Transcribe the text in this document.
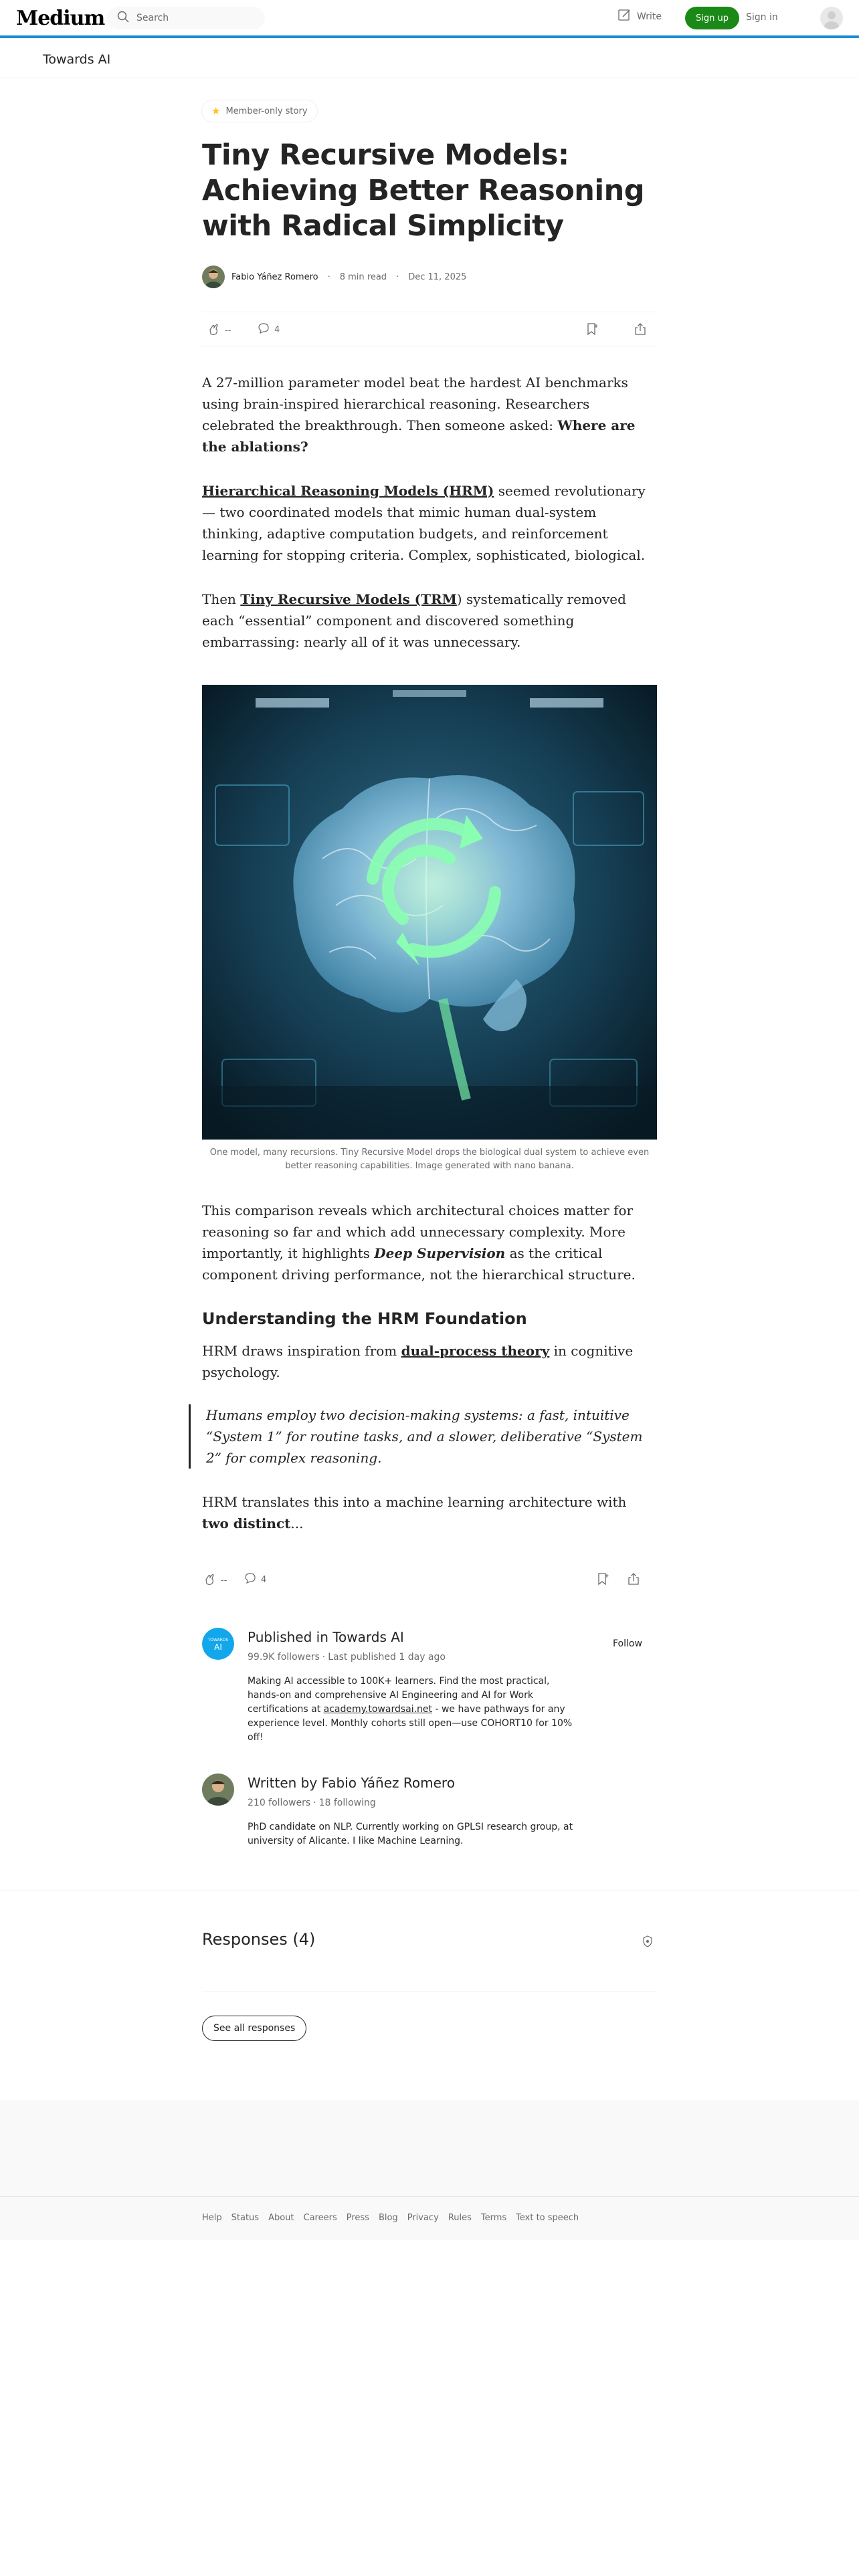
Medium
Search	Write	Sign up	Sign in
Towards AI
★ Member-only story
Tiny Recursive Models: Achieving Better Reasoning with Radical Simplicity
Fabio Yáñez Romero	·	8 min read	·	Dec 11, 2025
--	4

A 27-million parameter model beat the hardest AI benchmarks using brain-inspired hierarchical reasoning. Researchers celebrated the breakthrough. Then someone asked: Where are the ablations?

Hierarchical Reasoning Models (HRM) seemed revolutionary — two coordinated models that mimic human dual-system thinking, adaptive computation budgets, and reinforcement learning for stopping criteria. Complex, sophisticated, biological.

Then Tiny Recursive Models (TRM) systematically removed each “essential” component and discovered something embarrassing: nearly all of it was unnecessary.

One model, many recursions. Tiny Recursive Model drops the biological dual system to achieve even better reasoning capabilities. Image generated with nano banana.

This comparison reveals which architectural choices matter for reasoning so far and which add unnecessary complexity. More importantly, it highlights Deep Supervision as the critical component driving performance, not the hierarchical structure.

Understanding the HRM Foundation

HRM draws inspiration from dual-process theory in cognitive psychology.

Humans employ two decision-making systems: a fast, intuitive “System 1” for routine tasks, and a slower, deliberative “System 2” for complex reasoning.

HRM translates this into a machine learning architecture with two distinct...

--	4
TOWARDS
AI
Published in Towards AI
99.9K followers · Last published 1 day ago
Making AI accessible to 100K+ learners. Find the most practical, hands-on and comprehensive AI Engineering and AI for Work certifications at academy.towardsai.net - we have pathways for any experience level. Monthly cohorts still open—use COHORT10 for 10% off!
Follow
Written by Fabio Yáñez Romero
210 followers · 18 following
PhD candidate on NLP. Currently working on GPLSI research group, at university of Alicante. I like Machine Learning.
Responses (4)
See all responses
Help Status About Careers Press Blog Privacy Rules Terms Text to speech
